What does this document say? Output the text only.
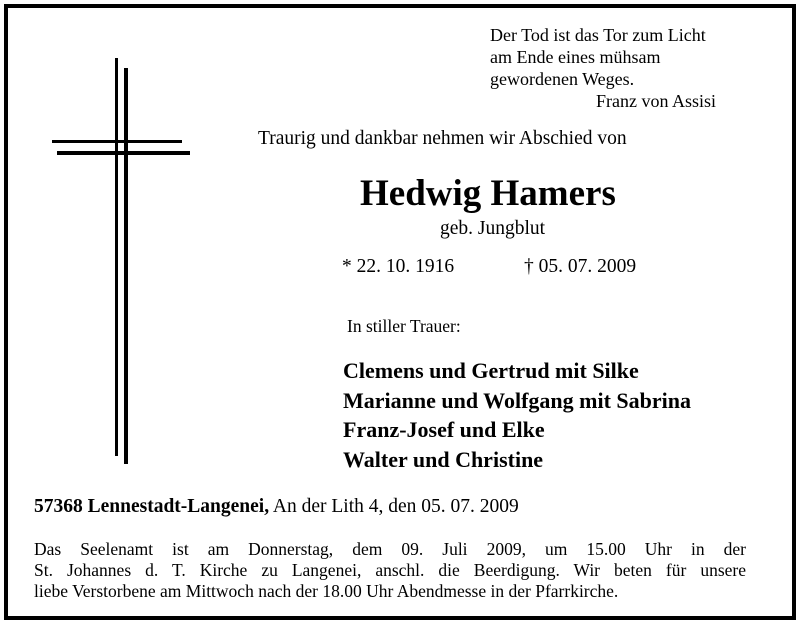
Der Tod ist das Tor zum Licht
am Ende eines mühsam
gewordenen Weges.
Franz von Assisi
Traurig und dankbar nehmen wir Abschied von
Hedwig Hamers
geb. Jungblut
* 22. 10. 1916	† 05. 07. 2009
In stiller Trauer:
Clemens und Gertrud mit Silke
Marianne und Wolfgang mit Sabrina
Franz-Josef und Elke
Walter und Christine
57368 Lennestadt-Langenei, An der Lith 4, den 05. 07. 2009
Das Seelenamt ist am Donnerstag, dem 09. Juli 2009, um 15.00 Uhr in der
St. Johannes d. T. Kirche zu Langenei, anschl. die Beerdigung. Wir beten für unsere
liebe Verstorbene am Mittwoch nach der 18.00 Uhr Abendmesse in der Pfarrkirche.
